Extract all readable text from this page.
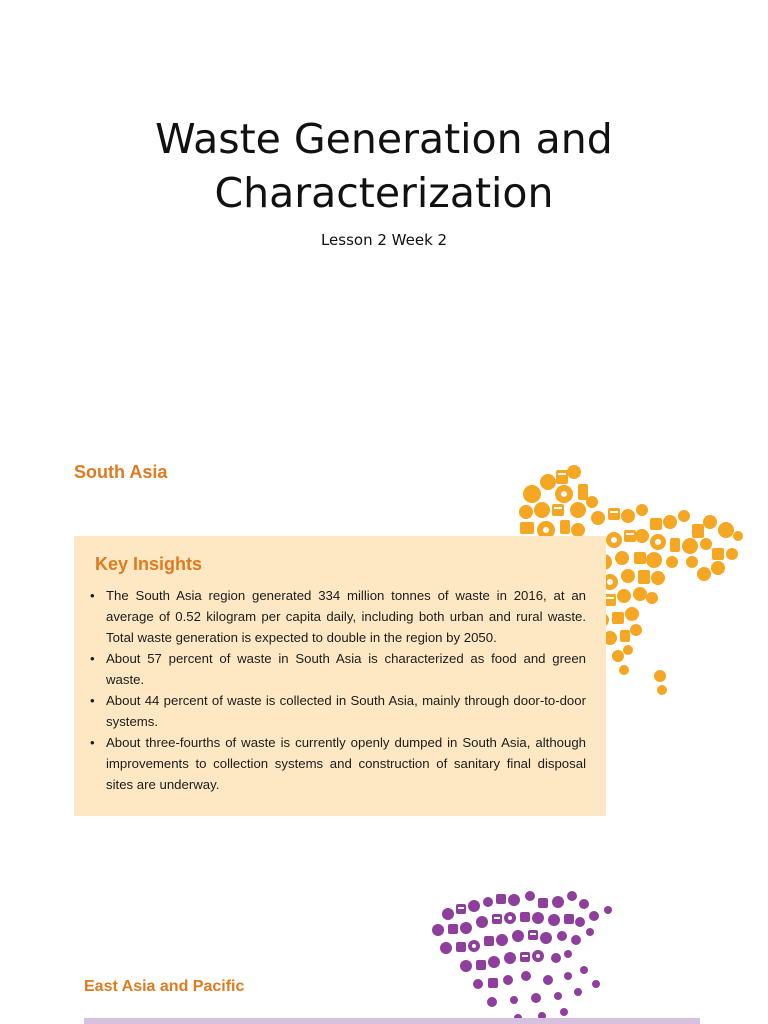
Waste Generation and
Characterization
Lesson 2 Week 2
South Asia
Key Insights
• The South Asia region generated 334 million tonnes of waste in 2016, at an average of 0.52 kilogram per capita daily, including both urban and rural waste. Total waste generation is expected to double in the region by 2050.
• About 57 percent of waste in South Asia is characterized as food and green waste.
• About 44 percent of waste is collected in South Asia, mainly through door-to-door systems.
• About three-fourths of waste is currently openly dumped in South Asia, although improvements to collection systems and construction of sanitary final disposal sites are underway.
East Asia and Pacific
